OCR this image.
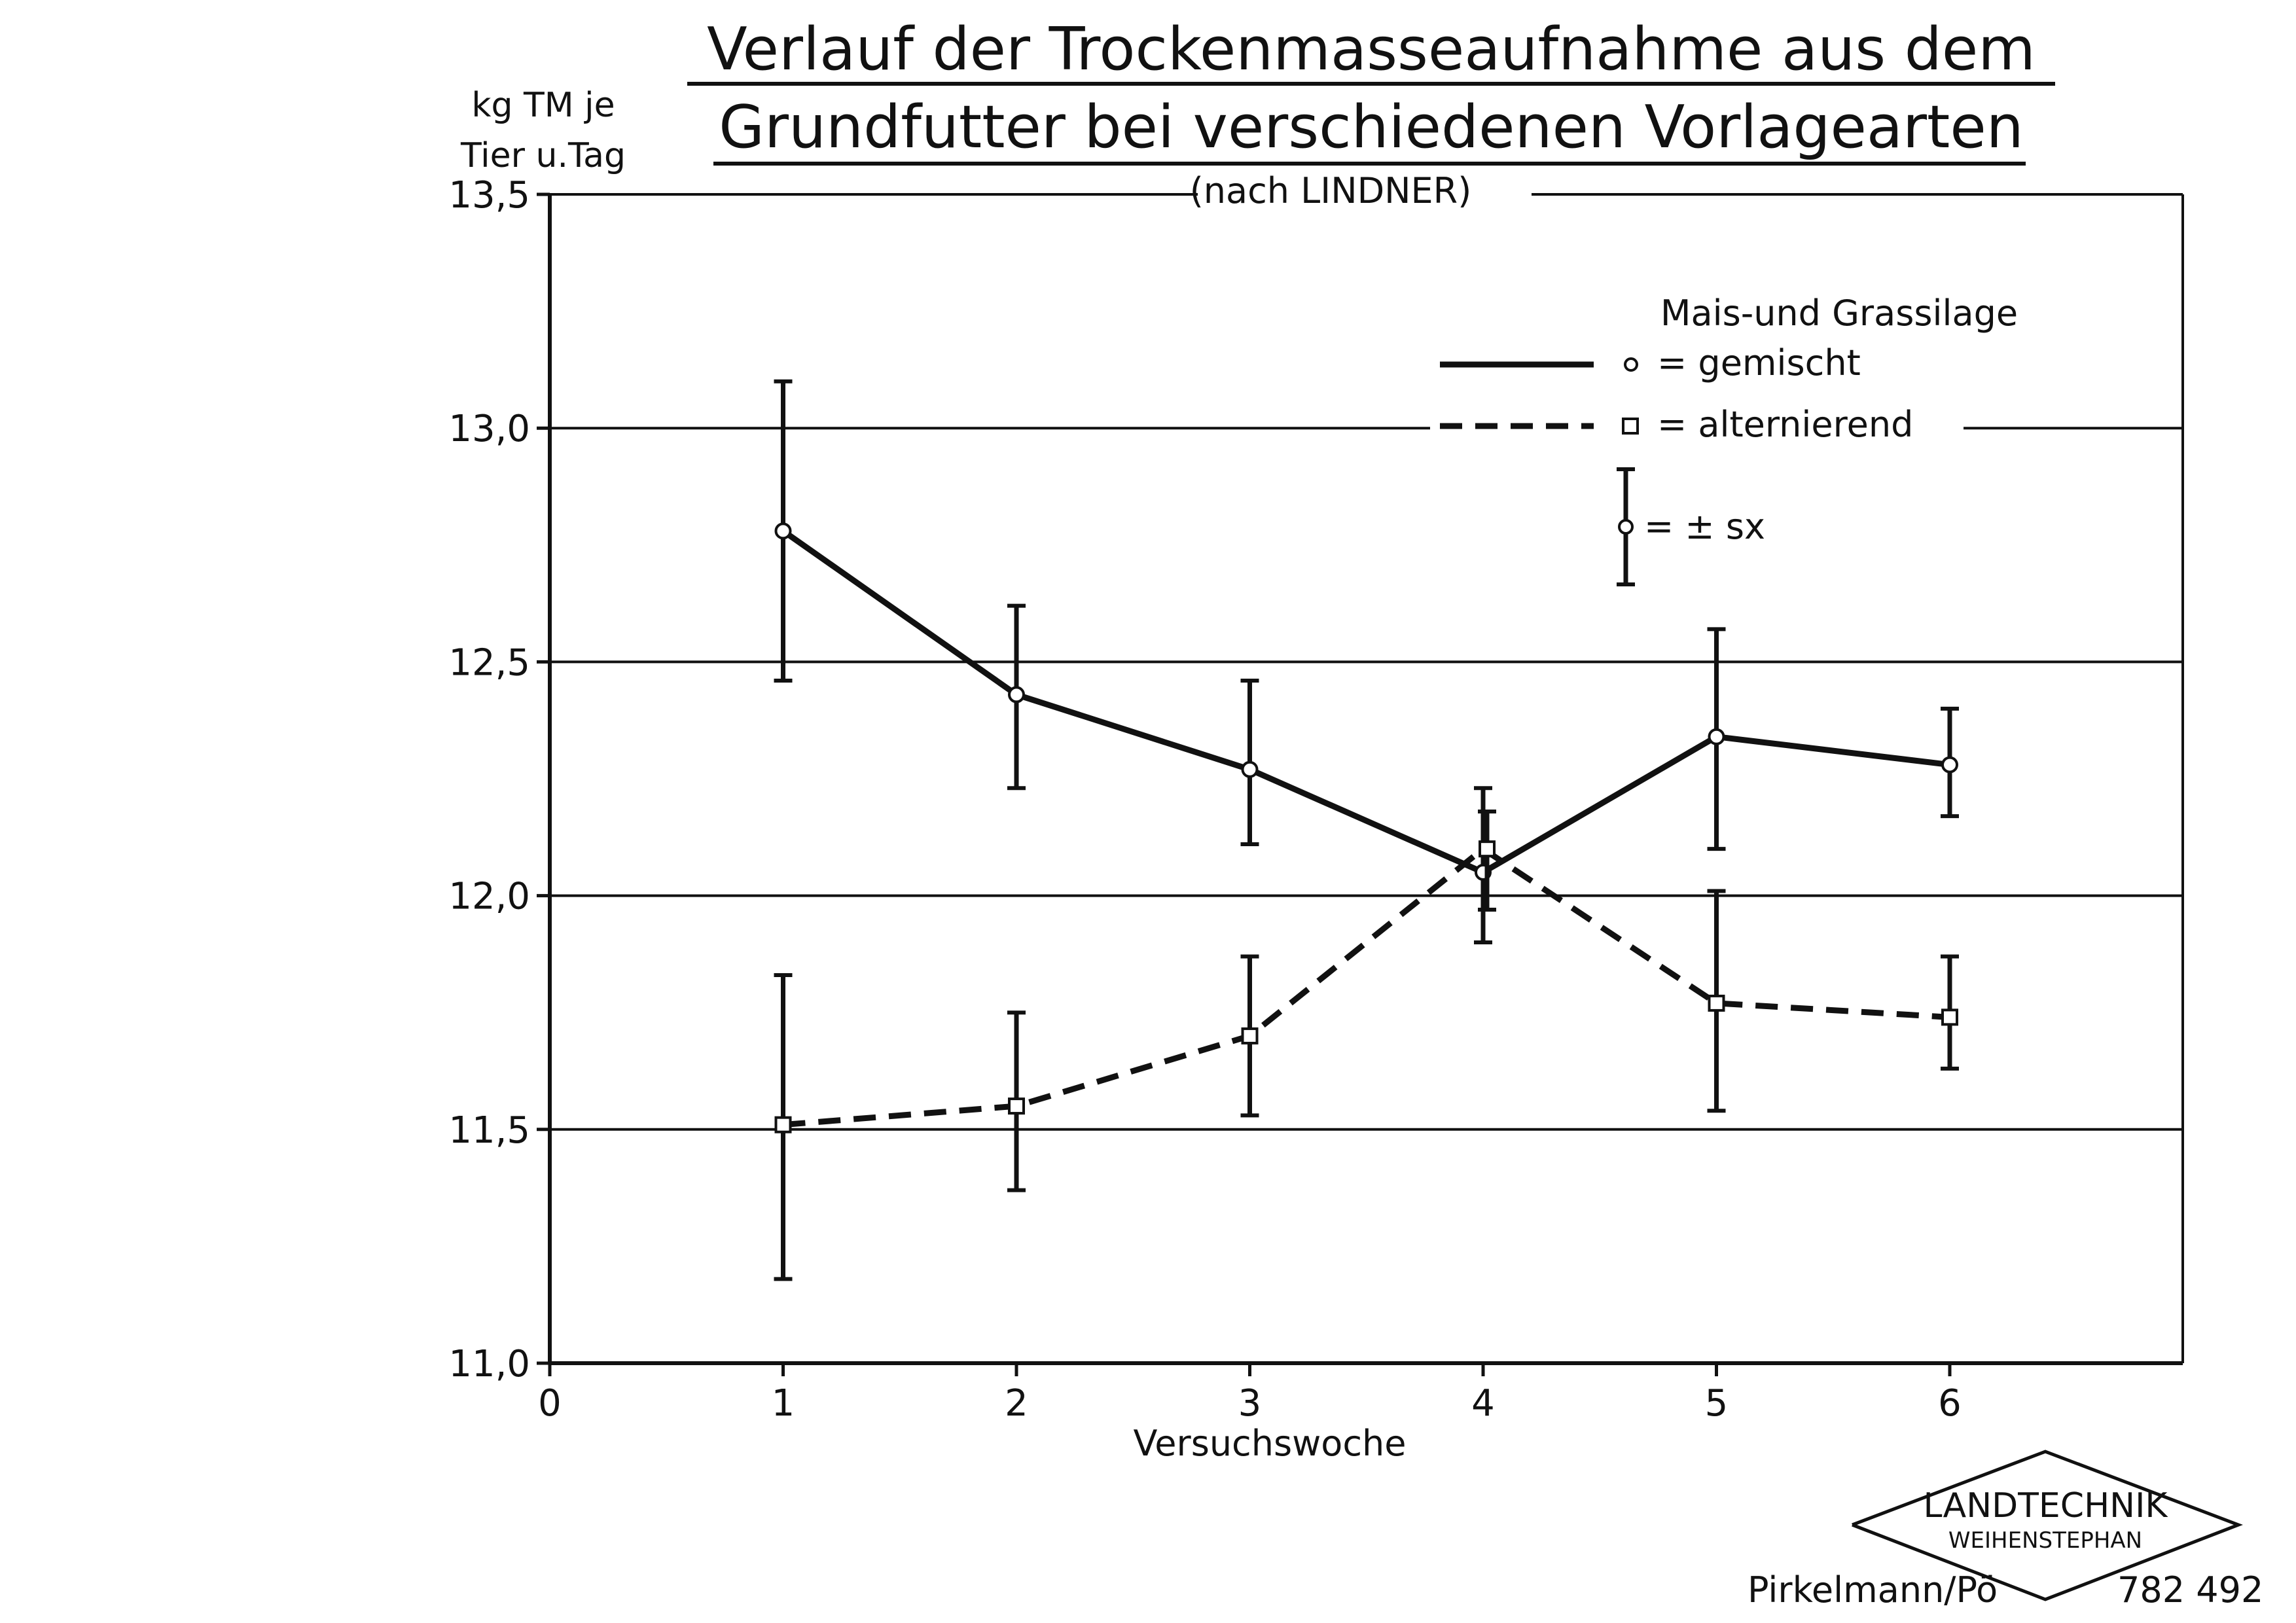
Verlauf der Trockenmasseaufnahme aus dem
Grundfutter bei verschiedenen Vorlagearten
(nach LINDNER)
kg TM je
Tier u.Tag
Versuchswoche
11,0
11,5
12,0
12,5
13,0
13,5
0	1	2	3	4	5	6
Mais-und Grassilage
= gemischt
= alternierend
= ± sx
LANDTECHNIK
WEIHENSTEPHAN
Pirkelmann/Pö	782 492
